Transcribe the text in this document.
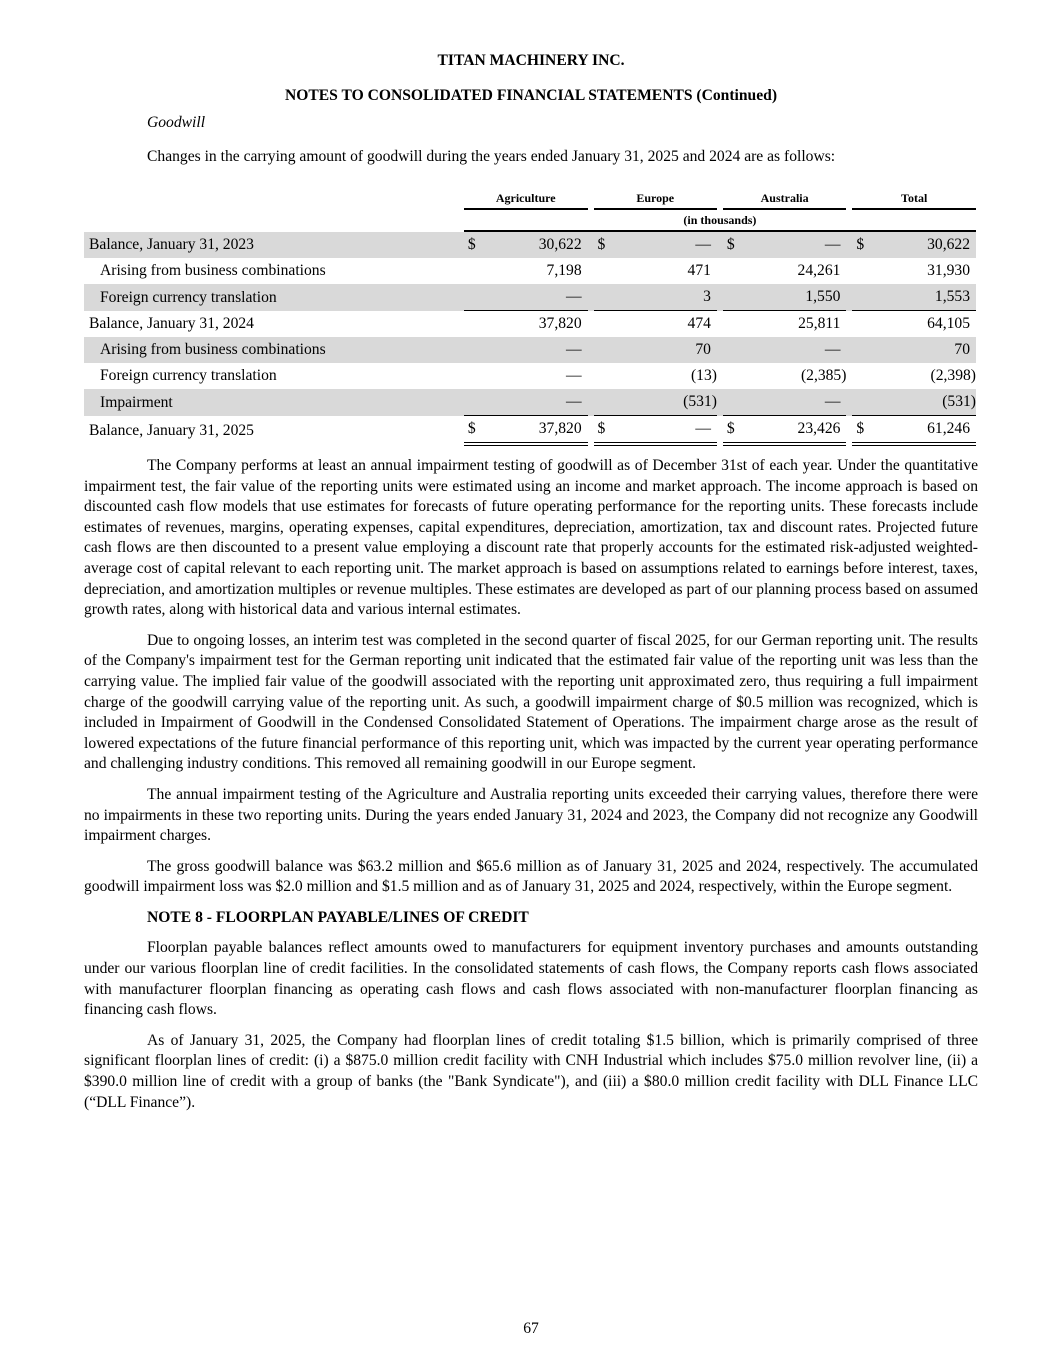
TITAN MACHINERY INC.
NOTES TO CONSOLIDATED FINANCIAL STATEMENTS (Continued)
Goodwill
Changes in the carrying amount of goodwill during the years ended January 31, 2025 and 2024 are as follows:
		Agriculture		Europe		Australia		Total
		(in thousands)						
Balance, January 31, 2023		$ 30,622		$ —		$ —		$ 30,622

Arising from business combinations		7,198		471		24,261		31,930

Foreign currency translation		—		3		1,550		1,553

Balance, January 31, 2024		37,820		474		25,811		64,105

Arising from business combinations		—		70		—		70

Foreign currency translation		—		(13)		(2,385)		(2,398)

Impairment		—		(531)		—		(531)

Balance, January 31, 2025		$ 37,820		$ —		$ 23,426		$ 61,246

The Company performs at least an annual impairment testing of goodwill as of December 31st of each year. Under the quantitative impairment test, the fair value of the reporting units were estimated using an income and market approach. The income approach is based on discounted cash flow models that use estimates for forecasts of future operating performance for the reporting units. These forecasts include estimates of revenues, margins, operating expenses, capital expenditures, depreciation, amortization, tax and discount rates. Projected future cash flows are then discounted to a present value employing a discount rate that properly accounts for the estimated risk-adjusted weighted-average cost of capital relevant to each reporting unit. The market approach is based on assumptions related to earnings before interest, taxes, depreciation, and amortization multiples or revenue multiples. These estimates are developed as part of our planning process based on assumed growth rates, along with historical data and various internal estimates.

Due to ongoing losses, an interim test was completed in the second quarter of fiscal 2025, for our German reporting unit. The results of the Company's impairment test for the German reporting unit indicated that the estimated fair value of the reporting unit was less than the carrying value. The implied fair value of the goodwill associated with the reporting unit approximated zero, thus requiring a full impairment charge of the goodwill carrying value of the reporting unit. As such, a goodwill impairment charge of $0.5 million was recognized, which is included in Impairment of Goodwill in the Condensed Consolidated Statement of Operations. The impairment charge arose as the result of lowered expectations of the future financial performance of this reporting unit, which was impacted by the current year operating performance and challenging industry conditions. This removed all remaining goodwill in our Europe segment.

The annual impairment testing of the Agriculture and Australia reporting units exceeded their carrying values, therefore there were no impairments in these two reporting units. During the years ended January 31, 2024 and 2023, the Company did not recognize any Goodwill impairment charges.

The gross goodwill balance was $63.2 million and $65.6 million as of January 31, 2025 and 2024, respectively. The accumulated goodwill impairment loss was $2.0 million and $1.5 million and as of January 31, 2025 and 2024, respectively, within the Europe segment.

NOTE 8 - FLOORPLAN PAYABLE/LINES OF CREDIT

Floorplan payable balances reflect amounts owed to manufacturers for equipment inventory purchases and amounts outstanding under our various floorplan line of credit facilities. In the consolidated statements of cash flows, the Company reports cash flows associated with manufacturer floorplan financing as operating cash flows and cash flows associated with non-manufacturer floorplan financing as financing cash flows.

As of January 31, 2025, the Company had floorplan lines of credit totaling $1.5 billion, which is primarily comprised of three significant floorplan lines of credit: (i) a $875.0 million credit facility with CNH Industrial which includes $75.0 million revolver line, (ii) a $390.0 million line of credit with a group of banks (the "Bank Syndicate"), and (iii) a $80.0 million credit facility with DLL Finance LLC (“DLL Finance”).

67
